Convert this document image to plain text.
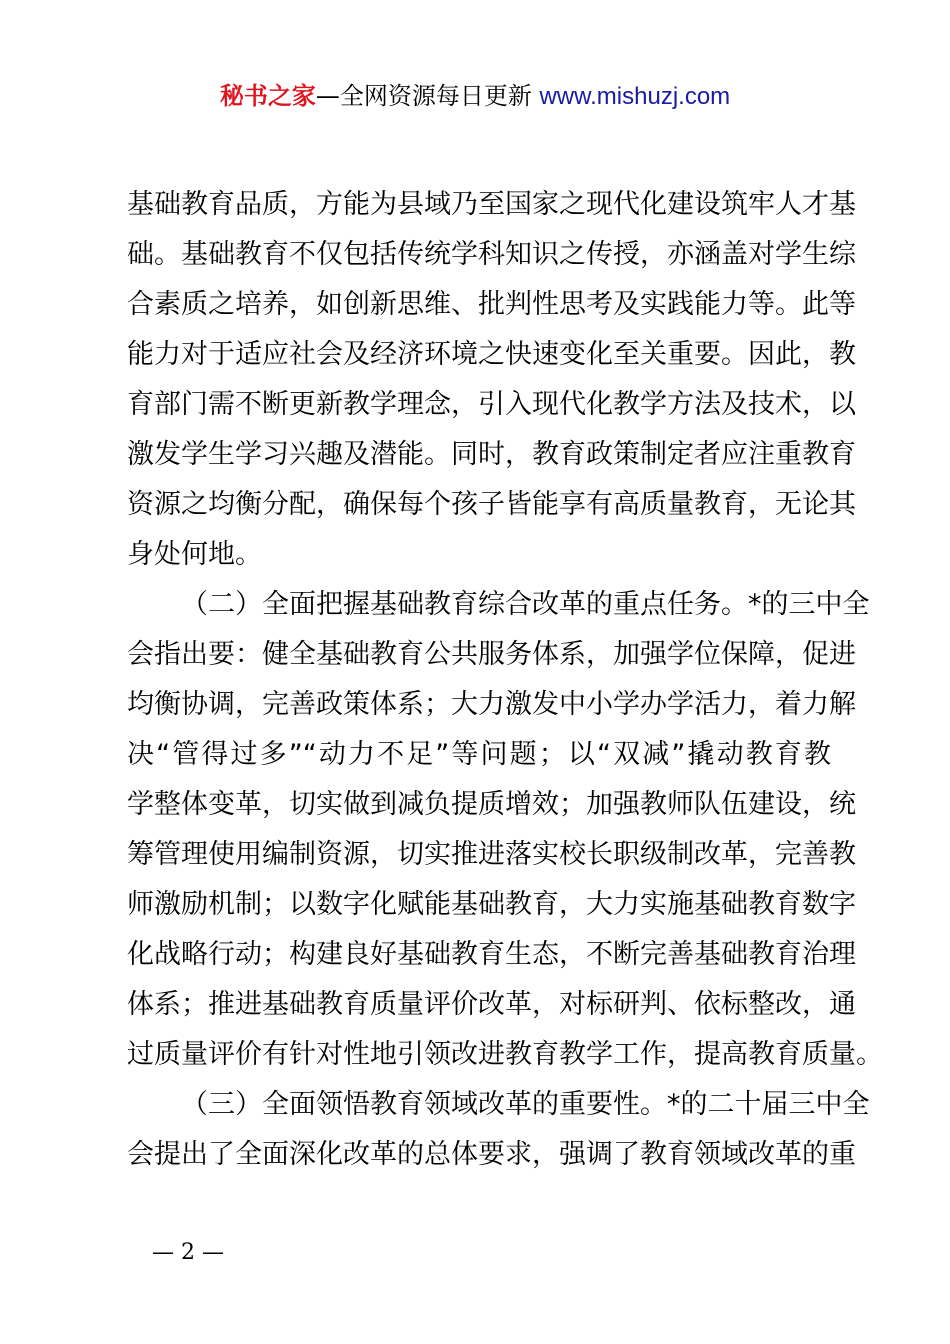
秘书之家—全网资源每日更新 www.mishuzj.com
基础教育品质，方能为县域乃至国家之现代化建设筑牢人才基
础。基础教育不仅包括传统学科知识之传授，亦涵盖对学生综
合素质之培养，如创新思维、批判性思考及实践能力等。此等
能力对于适应社会及经济环境之快速变化至关重要。因此，教
育部门需不断更新教学理念，引入现代化教学方法及技术，以
激发学生学习兴趣及潜能。同时，教育政策制定者应注重教育
资源之均衡分配，确保每个孩子皆能享有高质量教育，无论其
身处何地。
（二）全面把握基础教育综合改革的重点任务。*的三中全
会指出要：健全基础教育公共服务体系，加强学位保障，促进
均衡协调，完善政策体系；大力激发中小学办学活力，着力解
决“管得过多”“动力不足”等问题；以“双减”撬动教育教
学整体变革，切实做到减负提质增效；加强教师队伍建设，统
筹管理使用编制资源，切实推进落实校长职级制改革，完善教
师激励机制；以数字化赋能基础教育，大力实施基础教育数字
化战略行动；构建良好基础教育生态，不断完善基础教育治理
体系；推进基础教育质量评价改革，对标研判、依标整改，通
过质量评价有针对性地引领改进教育教学工作，提高教育质量。
（三）全面领悟教育领域改革的重要性。*的二十届三中全
会提出了全面深化改革的总体要求，强调了教育领域改革的重
— 2 —
